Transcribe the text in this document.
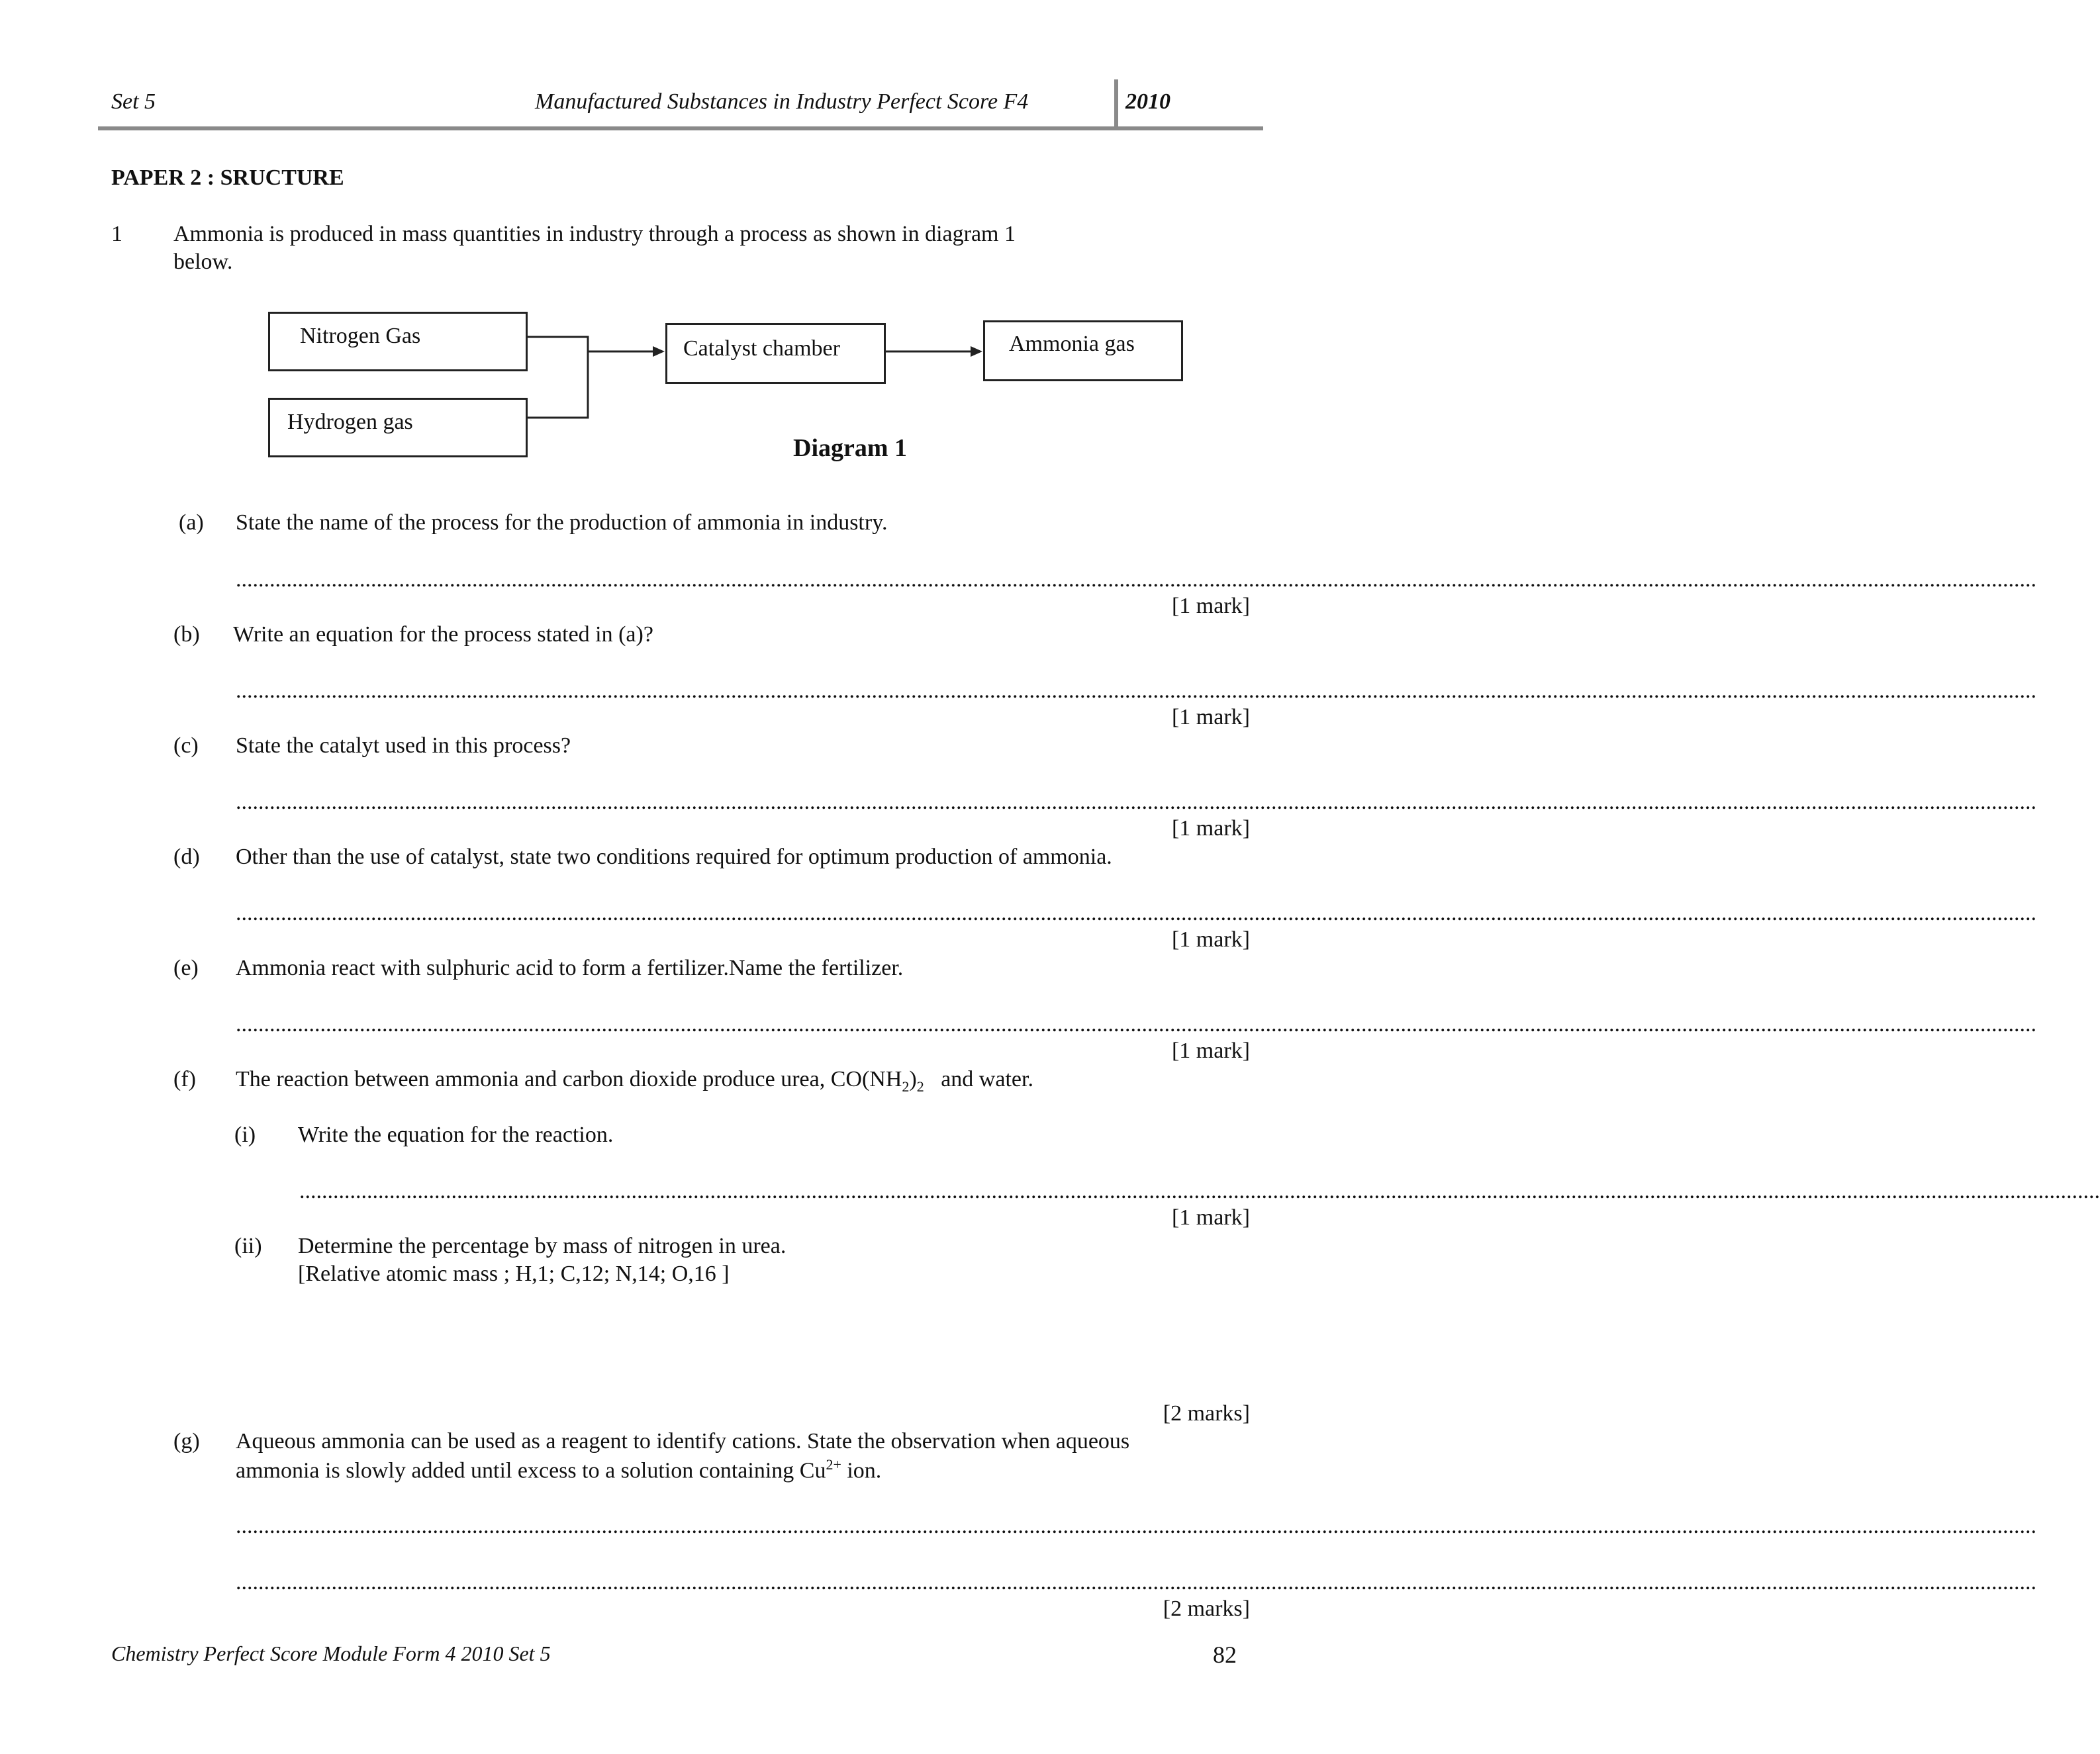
Set 5	Manufactured Substances in Industry Perfect Score F4	2010
PAPER 2 : SRUCTURE
1 Ammonia is produced in mass quantities in industry through a process as shown in diagram 1
below.
Nitrogen Gas
Hydrogen gas
Catalyst chamber	Ammonia gas
Diagram 1
(a) State the name of the process for the production of ammonia in industry.
................................................................................................................................................................................................................................................................................................................................
[1 mark]
(b) Write an equation for the process stated in (a)?
................................................................................................................................................................................................................................................................................................................................
[1 mark]
(c) State the catalyt used in this process?
................................................................................................................................................................................................................................................................................................................................
[1 mark]
(d) Other than the use of catalyst, state two conditions required for optimum production of ammonia.
................................................................................................................................................................................................................................................................................................................................
[1 mark]
(e) Ammonia react with sulphuric acid to form a fertilizer.Name the fertilizer.
................................................................................................................................................................................................................................................................................................................................
[1 mark]
(f) The reaction between ammonia and carbon dioxide produce urea, $CO(NH_2)_2$   and water.
(i) Write the equation for the reaction.
................................................................................................................................................................................................................................................................................................................................
[1 mark]
(ii) Determine the percentage by mass of nitrogen in urea.
[Relative atomic mass ; H,1; C,12; N,14; O,16 ]
[2 marks]
(g) Aqueous ammonia can be used as a reagent to identify cations. State the observation when aqueous
ammonia is slowly added until excess to a solution containing $Cu^{2+}$ ion.
................................................................................................................................................................................................................................................................................................................................
................................................................................................................................................................................................................................................................................................................................
[2 marks]
Chemistry Perfect Score Module Form 4 2010 Set 5	82
